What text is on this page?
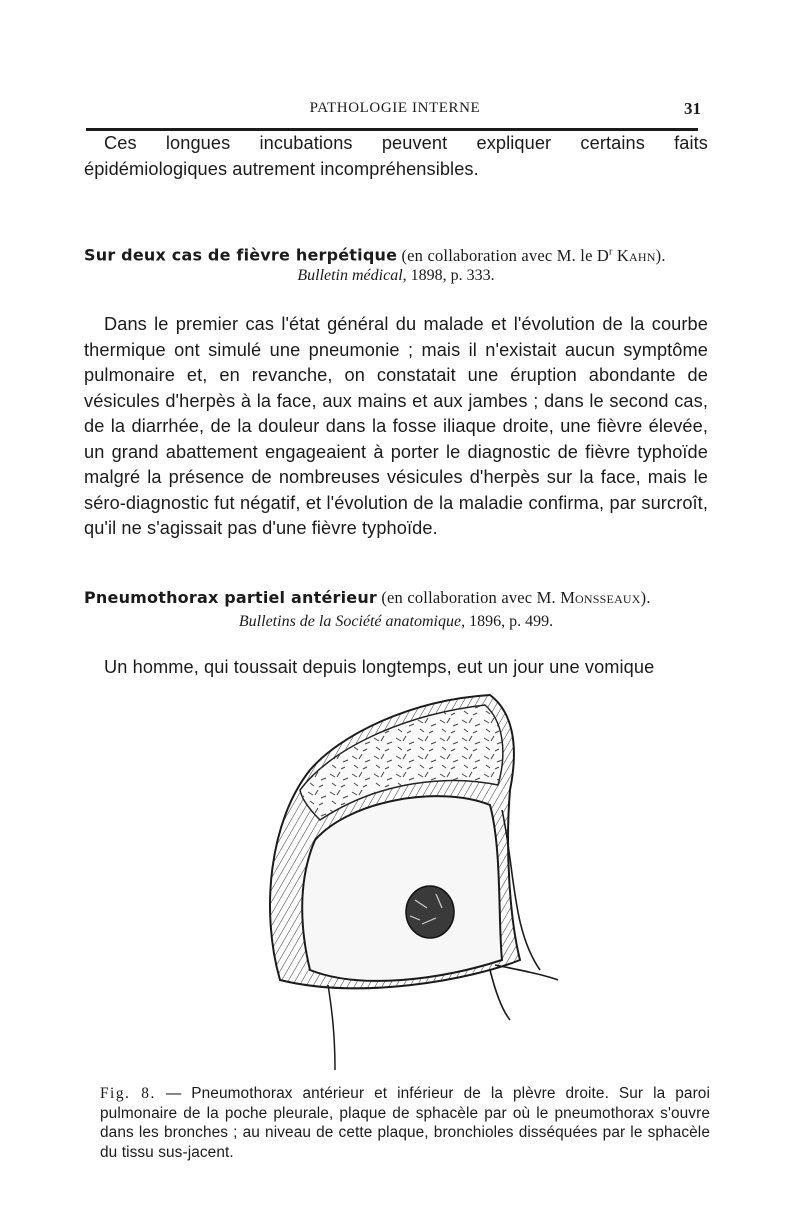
PATHOLOGIE INTERNE	31

Ces longues incubations peuvent expliquer certains faits épidémiologiques autrement incompréhensibles.

Sur deux cas de fièvre herpétique (en collaboration avec M. le $D^r$ Kahn).
Bulletin médical, 1898, p. 333.

Dans le premier cas l'état général du malade et l'évolution de la courbe thermique ont simulé une pneumonie ; mais il n'existait aucun symptôme pulmonaire et, en revanche, on constatait une éruption abondante de vésicules d'herpès à la face, aux mains et aux jambes ; dans le second cas, de la diarrhée, de la douleur dans la fosse iliaque droite, une fièvre élevée, un grand abattement engageaient à porter le diagnostic de fièvre typhoïde malgré la présence de nombreuses vésicules d'herpès sur la face, mais le séro-diagnostic fut négatif, et l'évolution de la maladie confirma, par surcroît, qu'il ne s'agissait pas d'une fièvre typhoïde.

Pneumothorax partiel antérieur (en collaboration avec M. Monsseaux).
Bulletins de la Société anatomique, 1896, p. 499.

Un homme, qui toussait depuis longtemps, eut un jour une vomique

Fig. 8. — Pneumothorax antérieur et inférieur de la plèvre droite. Sur la paroi pulmonaire de la poche pleurale, plaque de sphacèle par où le pneumothorax s'ouvre dans les bronches ; au niveau de cette plaque, bronchioles disséquées par le sphacèle du tissu sus-jacent.
